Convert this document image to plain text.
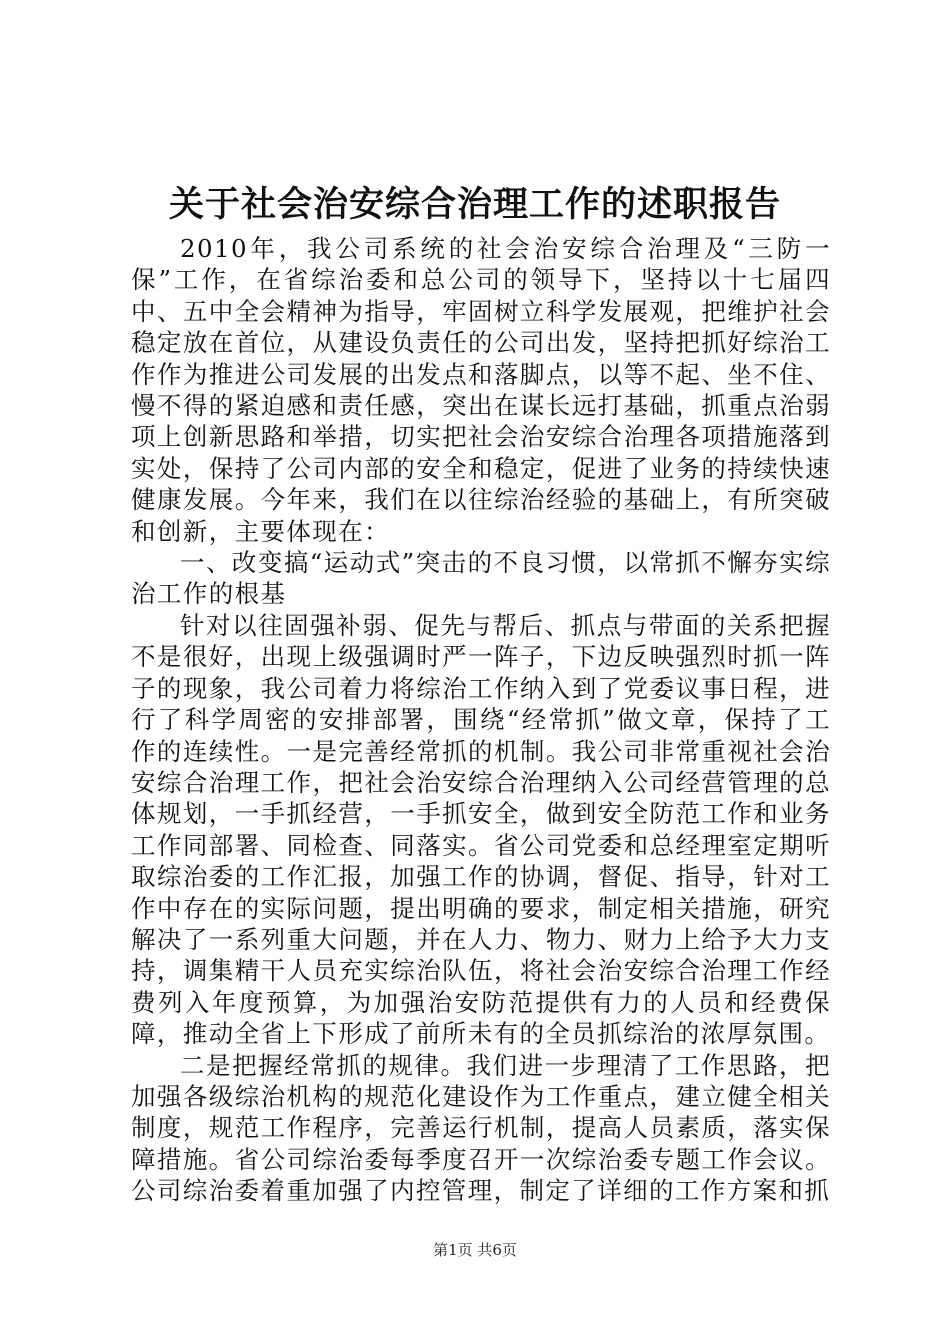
关于社会治安综合治理工作的述职报告

2010年，我公司系统的社会治安综合治理及“三防一保”工作，在省综治委和总公司的领导下，坚持以十七届四中、五中全会精神为指导，牢固树立科学发展观，把维护社会稳定放在首位，从建设负责任的公司出发，坚持把抓好综治工作作为推进公司发展的出发点和落脚点，以等不起、坐不住、慢不得的紧迫感和责任感，突出在谋长远打基础，抓重点治弱项上创新思路和举措，切实把社会治安综合治理各项措施落到实处，保持了公司内部的安全和稳定，促进了业务的持续快速健康发展。今年来，我们在以往综治经验的基础上，有所突破和创新，主要体现在：

一、改变搞“运动式”突击的不良习惯，以常抓不懈夯实综治工作的根基

针对以往固强补弱、促先与帮后、抓点与带面的关系把握不是很好，出现上级强调时严一阵子，下边反映强烈时抓一阵子的现象，我公司着力将综治工作纳入到了党委议事日程，进行了科学周密的安排部署，围绕“经常抓”做文章，保持了工作的连续性。一是完善经常抓的机制。我公司非常重视社会治安综合治理工作，把社会治安综合治理纳入公司经营管理的总体规划，一手抓经营，一手抓安全，做到安全防范工作和业务工作同部署、同检查、同落实。省公司党委和总经理室定期听取综治委的工作汇报，加强工作的协调，督促、指导，针对工作中存在的实际问题，提出明确的要求，制定相关措施，研究解决了一系列重大问题，并在人力、物力、财力上给予大力支持，调集精干人员充实综治队伍，将社会治安综合治理工作经费列入年度预算，为加强治安防范提供有力的人员和经费保障，推动全省上下形成了前所未有的全员抓综治的浓厚氛围。

二是把握经常抓的规律。我们进一步理清了工作思路，把加强各级综治机构的规范化建设作为工作重点，建立健全相关制度，规范工作程序，完善运行机制，提高人员素质，落实保障措施。省公司综治委每季度召开一次综治委专题工作会议。公司综治委着重加强了内控管理，制定了详细的工作方案和抓

第1页 共6页
